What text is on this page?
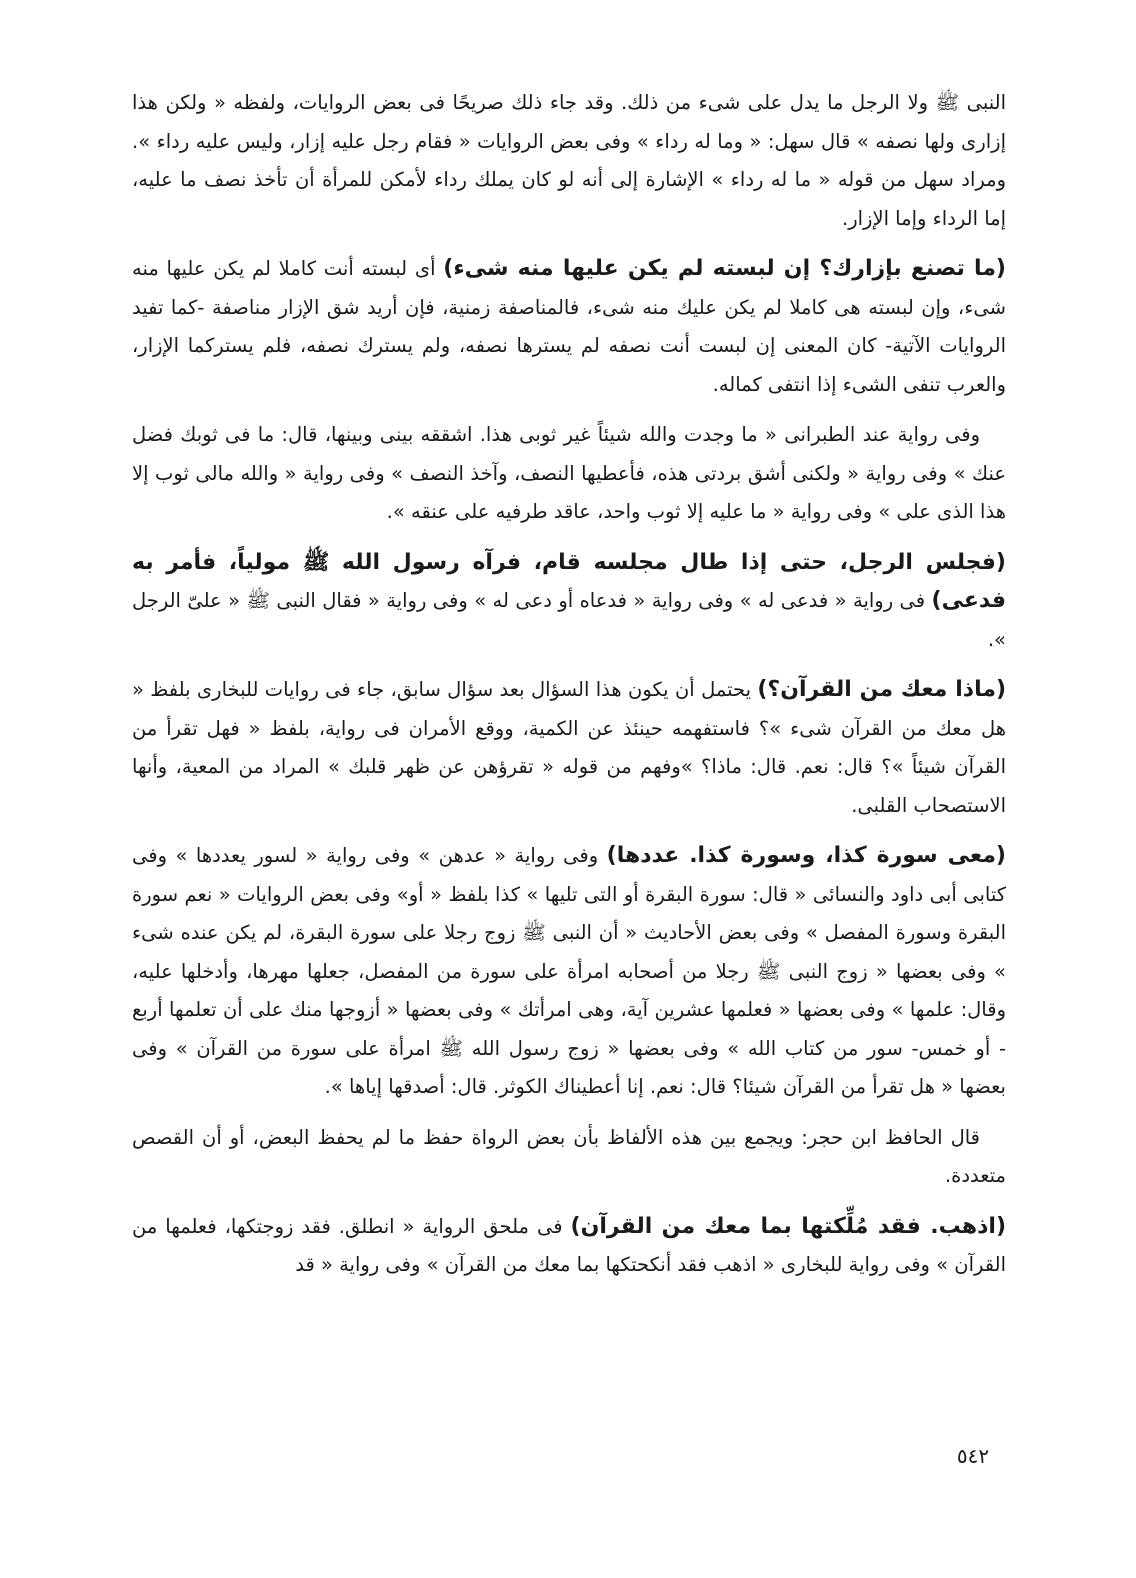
النبى ﷺ ولا الرجل ما يدل على شىء من ذلك. وقد جاء ذلك صريحًا فى بعض الروايات، ولفظه « ولكن هذا إزارى ولها نصفه » قال سهل: « وما له رداء » وفى بعض الروايات « فقام رجل عليه إزار، وليس عليه رداء ». ومراد سهل من قوله « ما له رداء » الإشارة إلى أنه لو كان يملك رداء لأمكن للمرأة أن تأخذ نصف ما عليه، إما الرداء وإما الإزار.

(ما تصنع بإزارك؟ إن لبسته لم يكن عليها منه شىء) أى لبسته أنت كاملا لم يكن عليها منه شىء، وإن لبسته هى كاملا لم يكن عليك منه شىء، فالمناصفة زمنية، فإن أريد شق الإزار مناصفة -كما تفيد الروايات الآتية- كان المعنى إن لبست أنت نصفه لم يسترها نصفه، ولم يسترك نصفه، فلم يستركما الإزار، والعرب تنفى الشىء إذا انتفى كماله.

وفى رواية عند الطبرانى « ما وجدت والله شيئاً غير ثوبى هذا. اشققه بينى وبينها، قال: ما فى ثوبك فضل عنك » وفى رواية « ولكنى أشق بردتى هذه، فأعطيها النصف، وآخذ النصف » وفى رواية « والله مالى ثوب إلا هذا الذى على » وفى رواية « ما عليه إلا ثوب واحد، عاقد طرفيه على عنقه ».

(فجلس الرجل، حتى إذا طال مجلسه قام، فرآه رسول الله ﷺ مولياً، فأمر به فدعى) فى رواية « فدعى له » وفى رواية « فدعاه أو دعى له » وفى رواية « فقال النبى ﷺ « علىّ الرجل ».

(ماذا معك من القرآن؟) يحتمل أن يكون هذا السؤال بعد سؤال سابق، جاء فى روايات للبخارى بلفظ « هل معك من القرآن شىء »؟ فاستفهمه حينئذ عن الكمية، ووقع الأمران فى رواية، بلفظ « فهل تقرأ من القرآن شيئاً »؟ قال: نعم. قال: ماذا؟ »وفهم من قوله « تقرؤهن عن ظهر قلبك » المراد من المعية، وأنها الاستصحاب القلبى.

(معى سورة كذا، وسورة كذا. عددها) وفى رواية « عدهن » وفى رواية « لسور يعددها » وفى كتابى أبى داود والنسائى « قال: سورة البقرة أو التى تليها » كذا بلفظ « أو» وفى بعض الروايات « نعم سورة البقرة وسورة المفصل » وفى بعض الأحاديث « أن النبى ﷺ زوج رجلا على سورة البقرة، لم يكن عنده شىء » وفى بعضها « زوج النبى ﷺ رجلا من أصحابه امرأة على سورة من المفصل، جعلها مهرها، وأدخلها عليه، وقال: علمها » وفى بعضها « فعلمها عشرين آية، وهى امرأتك » وفى بعضها « أزوجها منك على أن تعلمها أربع - أو خمس- سور من كتاب الله » وفى بعضها « زوج رسول الله ﷺ امرأة على سورة من القرآن » وفى بعضها « هل تقرأ من القرآن شيئا؟ قال: نعم. إنا أعطيناك الكوثر. قال: أصدقها إياها ».

قال الحافظ ابن حجر: ويجمع بين هذه الألفاظ بأن بعض الرواة حفظ ما لم يحفظ البعض، أو أن القصص متعددة.

(اذهب. فقد مُلِّكتها بما معك من القرآن) فى ملحق الرواية « انطلق. فقد زوجتكها، فعلمها من القرآن » وفى رواية للبخارى « اذهب فقد أنكحتكها بما معك من القرآن » وفى رواية « قد

٥٤٢
